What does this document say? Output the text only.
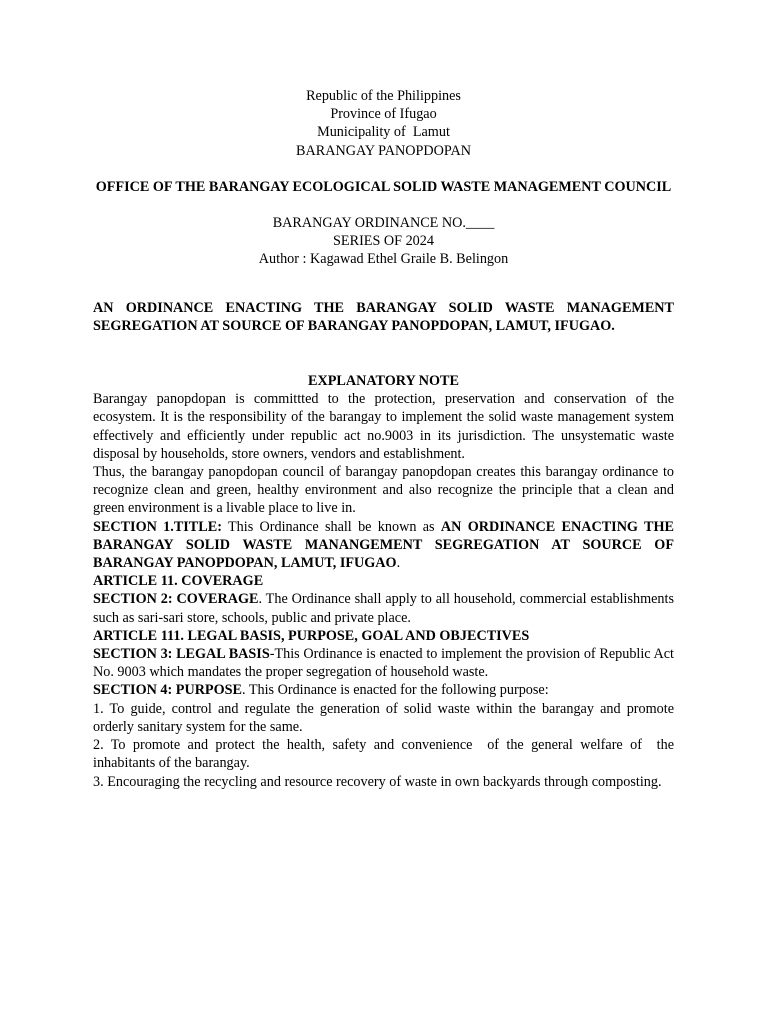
Republic of the Philippines
Province of Ifugao
Municipality of  Lamut
BARANGAY PANOPDOPAN
OFFICE OF THE BARANGAY ECOLOGICAL SOLID WASTE MANAGEMENT COUNCIL
BARANGAY ORDINANCE NO.____
SERIES OF 2024
Author : Kagawad Ethel Graile B. Belingon
AN ORDINANCE ENACTING THE BARANGAY SOLID WASTE MANAGEMENT SEGREGATION AT SOURCE OF BARANGAY PANOPDOPAN, LAMUT, IFUGAO.
EXPLANATORY NOTE

Barangay panopdopan is committted to the protection, preservation and conservation of the ecosystem. It is the responsibility of the barangay to implement the solid waste management system effectively and efficiently under republic act no.9003 in its jurisdiction. The unsystematic waste disposal by households, store owners, vendors and establishment.

Thus, the barangay panopdopan council of barangay panopdopan creates this barangay ordinance to recognize clean and green, healthy environment and also recognize the principle that a clean and green environment is a livable place to live in.

SECTION 1.TITLE: This Ordinance shall be known as AN ORDINANCE ENACTING THE BARANGAY SOLID WASTE MANANGEMENT SEGREGATION AT SOURCE OF BARANGAY PANOPDOPAN, LAMUT, IFUGAO.

ARTICLE 11. COVERAGE

SECTION 2: COVERAGE. The Ordinance shall apply to all household, commercial establishments such as sari-sari store, schools, public and private place.

ARTICLE 111. LEGAL BASIS, PURPOSE, GOAL AND OBJECTIVES

SECTION 3: LEGAL BASIS-This Ordinance is enacted to implement the provision of Republic Act No. 9003 which mandates the proper segregation of household waste.

SECTION 4: PURPOSE. This Ordinance is enacted for the following purpose:

1. To guide, control and regulate the generation of solid waste within the barangay and promote orderly sanitary system for the same.

2. To promote and protect the health, safety and convenience  of the general welfare of  the inhabitants of the barangay.

3. Encouraging the recycling and resource recovery of waste in own backyards through composting.
